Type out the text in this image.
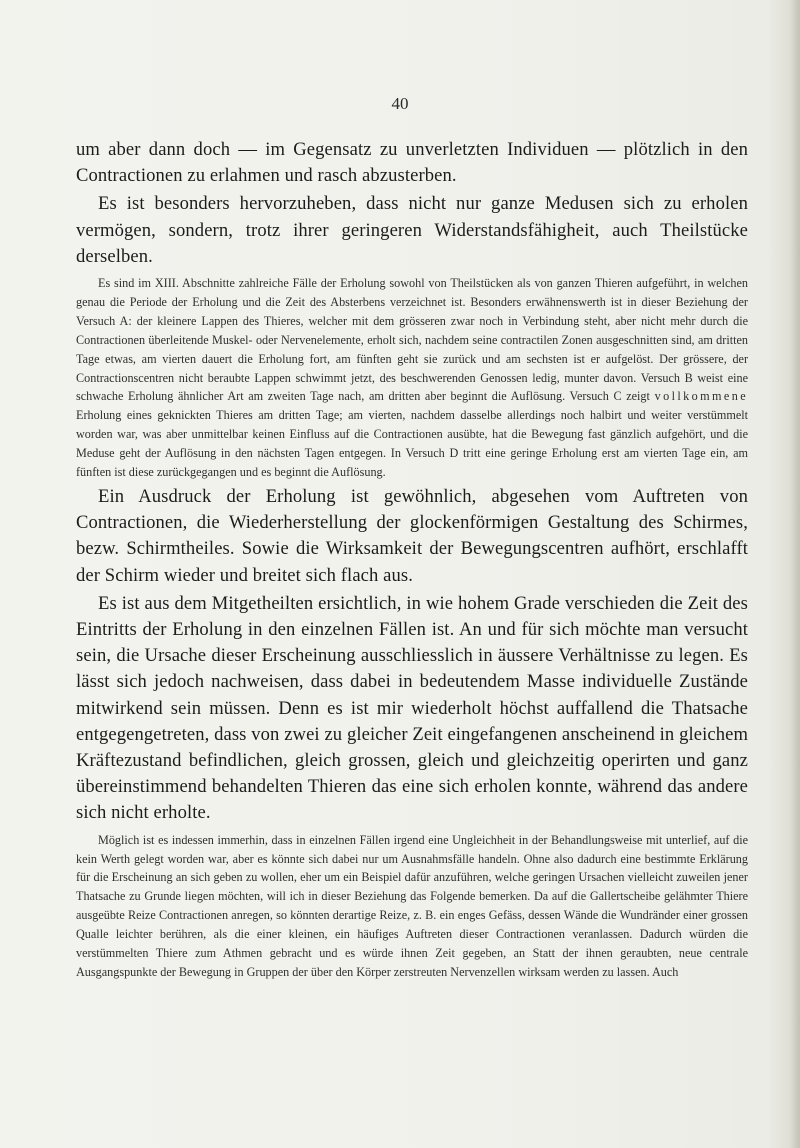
40

um aber dann doch — im Gegensatz zu unverletzten Individuen — plötzlich in den Contractionen zu erlahmen und rasch abzusterben.

Es ist besonders hervorzuheben, dass nicht nur ganze Medusen sich zu erholen vermögen, sondern, trotz ihrer geringeren Widerstandsfähigheit, auch Theilstücke derselben.

Es sind im XIII. Abschnitte zahlreiche Fälle der Erholung sowohl von Theilstücken als von ganzen Thieren aufgeführt, in welchen genau die Periode der Erholung und die Zeit des Absterbens verzeichnet ist. Besonders erwähnenswerth ist in dieser Beziehung der Versuch A: der kleinere Lappen des Thieres, welcher mit dem grösseren zwar noch in Verbindung steht, aber nicht mehr durch die Contractionen überleitende Muskel- oder Nervenelemente, erholt sich, nachdem seine contractilen Zonen ausgeschnitten sind, am dritten Tage etwas, am vierten dauert die Erholung fort, am fünften geht sie zurück und am sechsten ist er aufgelöst. Der grössere, der Contractionscentren nicht beraubte Lappen schwimmt jetzt, des beschwerenden Genossen ledig, munter davon. Versuch B weist eine schwache Erholung ähnlicher Art am zweiten Tage nach, am dritten aber beginnt die Auflösung. Versuch C zeigt vollkommene Erholung eines geknickten Thieres am dritten Tage; am vierten, nachdem dasselbe allerdings noch halbirt und weiter verstümmelt worden war, was aber unmittelbar keinen Einfluss auf die Contractionen ausübte, hat die Bewegung fast gänzlich aufgehört, und die Meduse geht der Auflösung in den nächsten Tagen entgegen. In Versuch D tritt eine geringe Erholung erst am vierten Tage ein, am fünften ist diese zurückgegangen und es beginnt die Auflösung.

Ein Ausdruck der Erholung ist gewöhnlich, abgesehen vom Auftreten von Contractionen, die Wiederherstellung der glockenförmigen Gestaltung des Schirmes, bezw. Schirmtheiles. Sowie die Wirksamkeit der Bewegungscentren aufhört, erschlafft der Schirm wieder und breitet sich flach aus.

Es ist aus dem Mitgetheilten ersichtlich, in wie hohem Grade verschieden die Zeit des Eintritts der Erholung in den einzelnen Fällen ist. An und für sich möchte man versucht sein, die Ursache dieser Erscheinung ausschliesslich in äussere Verhältnisse zu legen. Es lässt sich jedoch nachweisen, dass dabei in bedeutendem Masse individuelle Zustände mitwirkend sein müssen. Denn es ist mir wiederholt höchst auffallend die Thatsache entgegengetreten, dass von zwei zu gleicher Zeit eingefangenen anscheinend in gleichem Kräftezustand befindlichen, gleich grossen, gleich und gleichzeitig operirten und ganz übereinstimmend behandelten Thieren das eine sich erholen konnte, während das andere sich nicht erholte.

Möglich ist es indessen immerhin, dass in einzelnen Fällen irgend eine Ungleichheit in der Behandlungsweise mit unterlief, auf die kein Werth gelegt worden war, aber es könnte sich dabei nur um Ausnahmsfälle handeln. Ohne also dadurch eine bestimmte Erklärung für die Erscheinung an sich geben zu wollen, eher um ein Beispiel dafür anzuführen, welche geringen Ursachen vielleicht zuweilen jener Thatsache zu Grunde liegen möchten, will ich in dieser Beziehung das Folgende bemerken. Da auf die Gallertscheibe gelähmter Thiere ausgeübte Reize Contractionen anregen, so könnten derartige Reize, z. B. ein enges Gefäss, dessen Wände die Wundränder einer grossen Qualle leichter berühren, als die einer kleinen, ein häufiges Auftreten dieser Contractionen veranlassen. Dadurch würden die verstümmelten Thiere zum Athmen gebracht und es würde ihnen Zeit gegeben, an Statt der ihnen geraubten, neue centrale Ausgangspunkte der Bewegung in Gruppen der über den Körper zerstreuten Nervenzellen wirksam werden zu lassen. Auch
